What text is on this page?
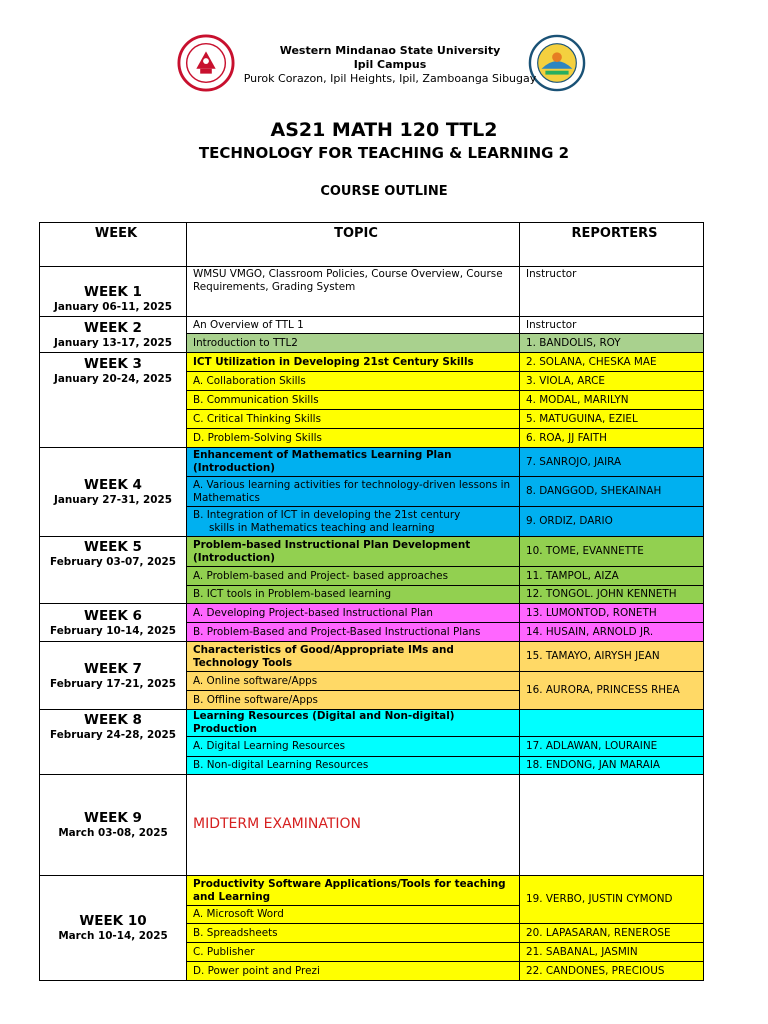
Western Mindanao State University
Ipil Campus
Purok Corazon, Ipil Heights, Ipil, Zamboanga Sibugay
AS21 MATH 120 TTL2
TECHNOLOGY FOR TEACHING & LEARNING 2
COURSE OUTLINE
WEEK	TOPIC	REPORTERS

WEEK 1
January 06-11, 2025	WMSU VMGO, Classroom Policies, Course Overview, Course Requirements, Grading System	Instructor

WEEK 2
January 13-17, 2025	An Overview of TTL 1	Instructor
	Introduction to TTL2	1. BANDOLIS, ROY

WEEK 3
January 20-24, 2025	ICT Utilization in Developing 21st Century Skills	2. SOLANA, CHESKA MAE
	A. Collaboration Skills	3. VIOLA, ARCE
	B. Communication Skills	4. MODAL, MARILYN
	C. Critical Thinking Skills	5. MATUGUINA, EZIEL
	D. Problem-Solving Skills	6. ROA, JJ FAITH

WEEK 4
January 27-31, 2025	Enhancement of Mathematics Learning Plan (Introduction)	7. SANROJO, JAIRA
	A. Various learning activities for technology-driven lessons in Mathematics	8. DANGGOD, SHEKAINAH

	B. Integration of ICT in developing the 21st century
skills in Mathematics teaching and learning	9. ORDIZ, DARIO

WEEK 5
February 03-07, 2025	Problem-based Instructional Plan Development (Introduction)	10. TOME, EVANNETTE
	A. Problem-based and Project- based approaches	11. TAMPOL, AIZA
	B. ICT tools in Problem-based learning	12. TONGOL. JOHN KENNETH

WEEK 6
February 10-14, 2025	A. Developing Project-based Instructional Plan	13. LUMONTOD, RONETH
	B. Problem-Based and Project-Based Instructional Plans	14. HUSAIN, ARNOLD JR.

WEEK 7
February 17-21, 2025	Characteristics of Good/Appropriate IMs and Technology Tools	15. TAMAYO, AIRYSH JEAN
	A. Online software/Apps	16. AURORA, PRINCESS RHEA
	B. Offline software/Apps	

WEEK 8
February 24-28, 2025	Learning Resources (Digital and Non-digital) Production	
	A. Digital Learning Resources	17. ADLAWAN, LOURAINE
	B. Non-digital Learning Resources	18. ENDONG, JAN MARAIA

WEEK 9
March 03-08, 2025	MIDTERM EXAMINATION	

WEEK 10
March 10-14, 2025	Productivity Software Applications/Tools for teaching and Learning	19. VERBO, JUSTIN CYMOND
	A. Microsoft Word	
	B. Spreadsheets	20. LAPASARAN, RENEROSE
	C. Publisher	21. SABANAL, JASMIN
	D. Power point and Prezi	22. CANDONES, PRECIOUS
